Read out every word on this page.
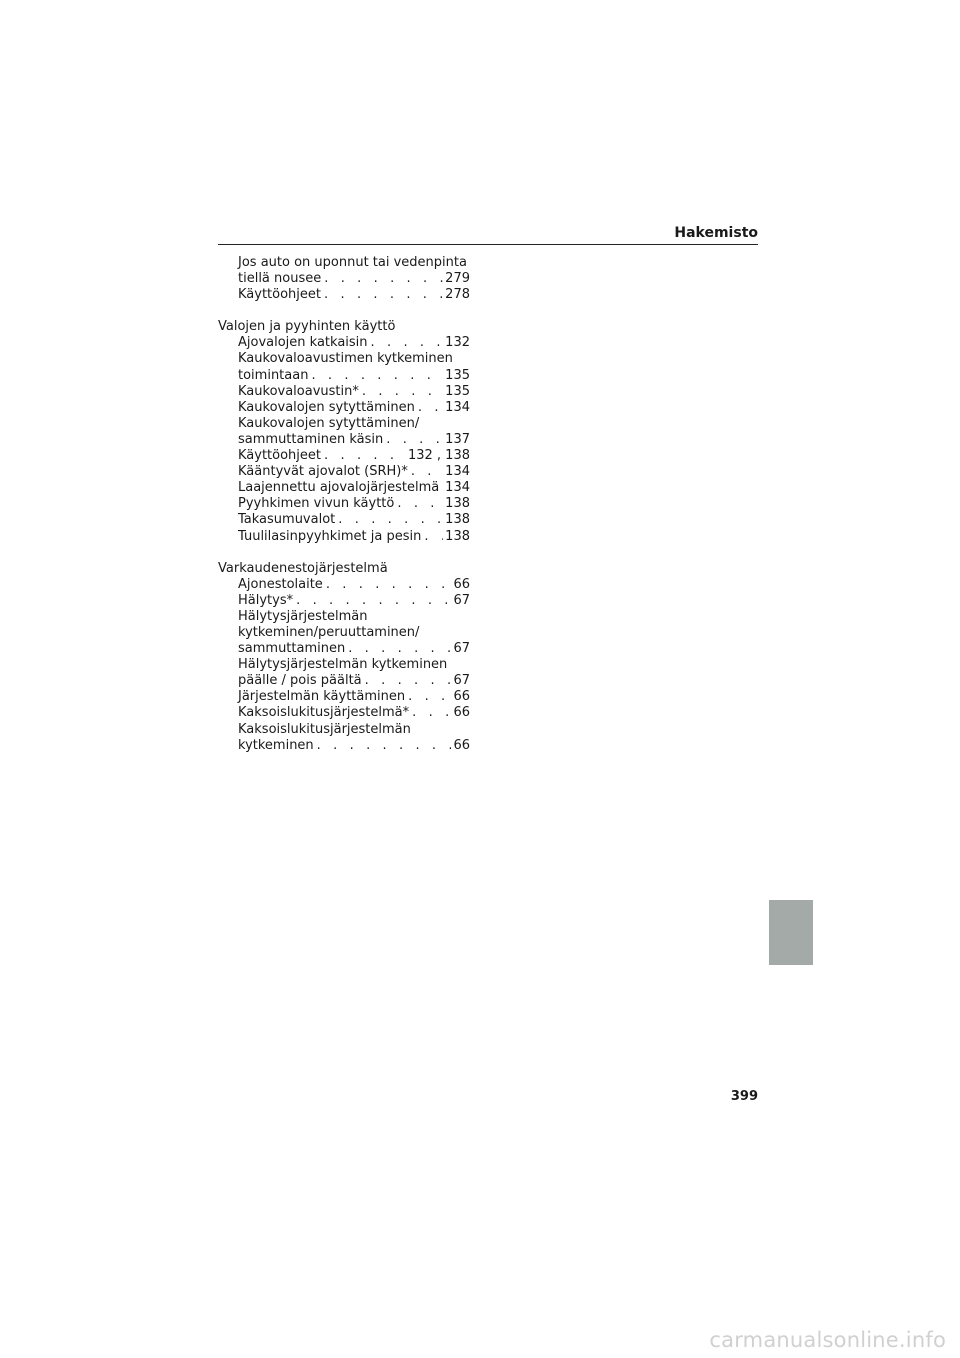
Hakemisto
Jos auto on uponnut tai vedenpinta
tiellä nousee . . .	279
Käyttöohjeet . . .	278
Valojen ja pyyhinten käyttö
Ajovalojen katkaisin . . .	132
Kaukovaloavustimen kytkeminen
toimintaan . . .	135
Kaukovaloavustin* . . .	135
Kaukovalojen sytyttäminen . . . 134
Kaukovalojen sytyttäminen/
sammuttaminen käsin . . .	137
Käyttöohjeet . . .	132 , 138
Kääntyvät ajovalot (SRH)* . . .	134
Laajennettu ajovalojärjestelmä . . . 134
Pyyhkimen vivun käyttö . . .	138
Takasumuvalot . . .	138
Tuulilasinpyyhkimet ja pesin . . . 138
Varkaudenestojärjestelmä
Ajonestolaite . . .	66
Hälytys* . . .	67
Hälytysjärjestelmän
kytkeminen/peruuttaminen/
sammuttaminen . . .	67
Hälytysjärjestelmän kytkeminen
päälle / pois päältä . . .	67
Järjestelmän käyttäminen . . .	66
Kaksoislukitusjärjestelmä* . . .	66
Kaksoislukitusjärjestelmän
kytkeminen . . .	66
399
carmanualsonline.info
